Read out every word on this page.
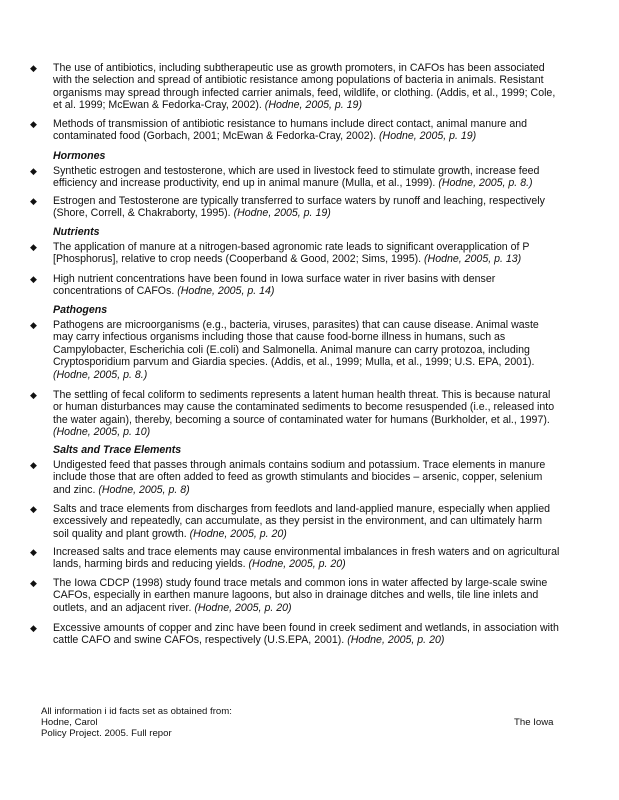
◆ The use of antibiotics, including subtherapeutic use as growth promoters, in CAFOs has been associated with the selection and spread of antibiotic resistance among populations of bacteria in animals. Resistant organisms may spread through infected carrier animals, feed, wildlife, or clothing. (Addis, et al., 1999; Cole, et al. 1999; McEwan & Fedorka-Cray, 2002). (Hodne, 2005, p. 19)
◆ Methods of transmission of antibiotic resistance to humans include direct contact, animal manure and contaminated food (Gorbach, 2001; McEwan & Fedorka-Cray, 2002). (Hodne, 2005, p. 19)
Hormones
◆ Synthetic estrogen and testosterone, which are used in livestock feed to stimulate growth, increase feed efficiency and increase productivity, end up in animal manure (Mulla, et al., 1999). (Hodne, 2005, p. 8.)
◆ Estrogen and Testosterone are typically transferred to surface waters by runoff and leaching, respectively (Shore, Correll, & Chakraborty, 1995). (Hodne, 2005, p. 19)
Nutrients
◆ The application of manure at a nitrogen-based agronomic rate leads to significant overapplication of P [Phosphorus], relative to crop needs (Cooperband & Good, 2002; Sims, 1995). (Hodne, 2005, p. 13)
◆ High nutrient concentrations have been found in Iowa surface water in river basins with denser concentrations of CAFOs. (Hodne, 2005, p. 14)
Pathogens
◆ Pathogens are microorganisms (e.g., bacteria, viruses, parasites) that can cause disease. Animal waste may carry infectious organisms including those that cause food-borne illness in humans, such as Campylobacter, Escherichia coli (E.coli) and Salmonella. Animal manure can carry protozoa, including Cryptosporidium parvum and Giardia species. (Addis, et al., 1999; Mulla, et al., 1999; U.S. EPA, 2001). (Hodne, 2005, p. 8.)
◆ The settling of fecal coliform to sediments represents a latent human health threat. This is because natural or human disturbances may cause the contaminated sediments to become resuspended (i.e., released into the water again), thereby, becoming a source of contaminated water for humans (Burkholder, et al., 1997). (Hodne, 2005, p. 10)
Salts and Trace Elements
◆ Undigested feed that passes through animals contains sodium and potassium. Trace elements in manure include those that are often added to feed as growth stimulants and biocides – arsenic, copper, selenium and zinc. (Hodne, 2005, p. 8)
◆ Salts and trace elements from discharges from feedlots and land-applied manure, especially when applied excessively and repeatedly, can accumulate, as they persist in the environment, and can ultimately harm soil quality and plant growth. (Hodne, 2005, p. 20)
◆ Increased salts and trace elements may cause environmental imbalances in fresh waters and on agricultural lands, harming birds and reducing yields. (Hodne, 2005, p. 20)
◆ The Iowa CDCP (1998) study found trace metals and common ions in water affected by large-scale swine CAFOs, especially in earthen manure lagoons, but also in drainage ditches and wells, tile line inlets and outlets, and an adjacent river. (Hodne, 2005, p. 20)
◆ Excessive amounts of copper and zinc have been found in creek sediment and wetlands, in association with cattle CAFO and swine CAFOs, respectively (U.S.EPA, 2001). (Hodne, 2005, p. 20)
All information i id facts set as obtained from:
Hodne, Carol	The Iowa
Policy Project. 2005. Full repor
